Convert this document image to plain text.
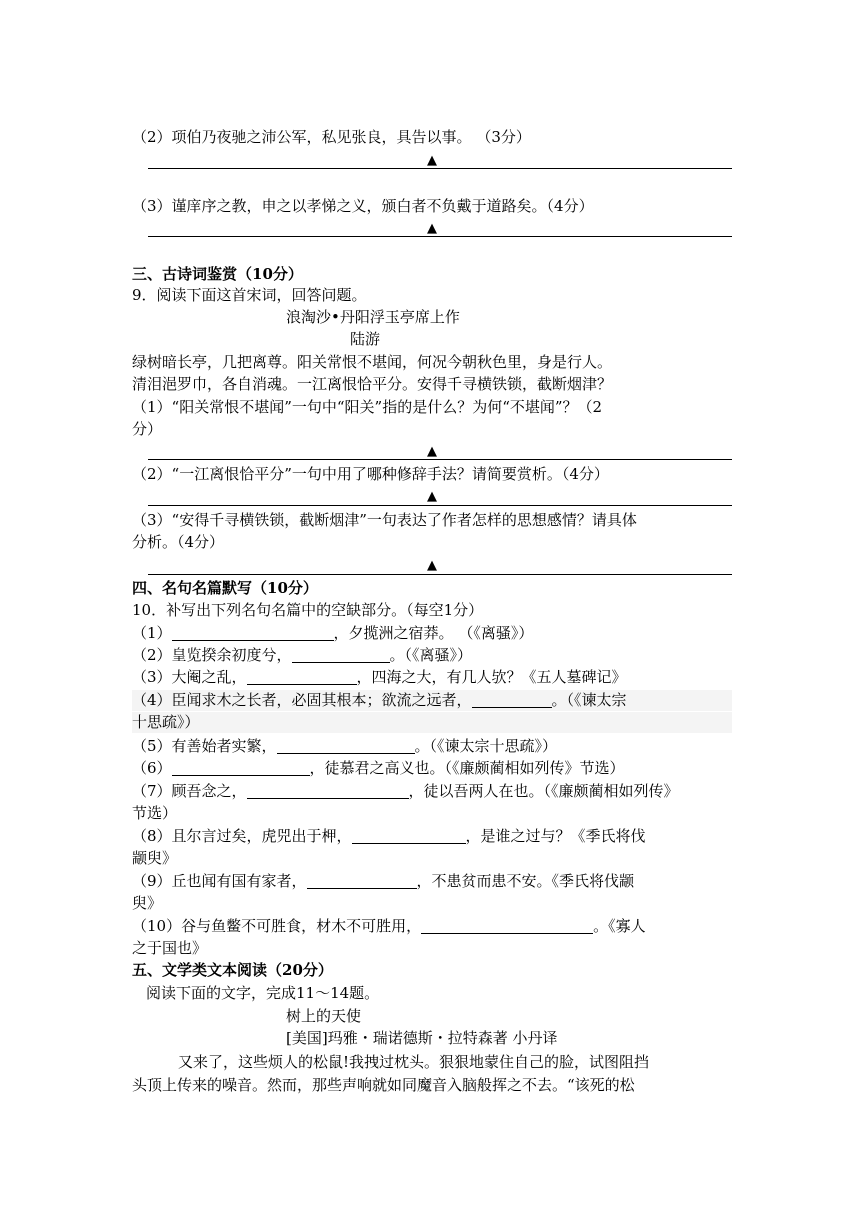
（2）项伯乃夜驰之沛公军，私见张良，具告以事。 （3分）
▲
（3）谨庠序之教，申之以孝悌之义，颁白者不负戴于道路矣。（4分）
▲
三、古诗词鉴赏（10分）
9．阅读下面这首宋词，回答问题。
浪淘沙•丹阳浮玉亭席上作
陆游
绿树暗长亭，几把离尊。阳关常恨不堪闻，何况今朝秋色里，身是行人。
清泪浥罗巾，各自消魂。一江离恨恰平分。安得千寻横铁锁，截断烟津？
（1）“阳关常恨不堪闻”一句中“阳关”指的是什么？为何“不堪闻”？（2
分）
▲
（2）“一江离恨恰平分”一句中用了哪种修辞手法？请简要赏析。（4分）
▲
（3）“安得千寻横铁锁，截断烟津”一句表达了作者怎样的思想感情？请具体
分析。（4分）
▲
四、名句名篇默写（10分）
10．补写出下列名句名篇中的空缺部分。（每空1分）
（1）	，夕揽洲之宿莽。 （《离骚》）
（2）皇览揆余初度兮，	。（《离骚》）
（3）大阉之乱，	，四海之大，有几人欤？《五人墓碑记》
（4）臣闻求木之长者，必固其根本；欲流之远者，	。（《谏太宗
十思疏》）
（5）有善始者实繁，	。（《谏太宗十思疏》）
（6）	，徒慕君之高义也。（《廉颇蔺相如列传》节选）
（7）顾吾念之，	，徒以吾两人在也。（《廉颇蔺相如列传》
节选）
（8）且尔言过矣，虎兕出于柙，	，是谁之过与？《季氏将伐
颛臾》
（9）丘也闻有国有家者，	，不患贫而患不安。《季氏将伐颛
臾》
（10）谷与鱼鳖不可胜食，材木不可胜用，	。《寡人
之于国也》
五、文学类文本阅读（20分）
阅读下面的文字，完成11～14题。
树上的天使
[美国]玛雅・瑞诺德斯・拉特森著 小丹译
又来了，这些烦人的松鼠!我拽过枕头。狠狠地蒙住自己的脸，试图阻挡
头顶上传来的噪音。然而，那些声响就如同魔音入脑般挥之不去。“该死的松
